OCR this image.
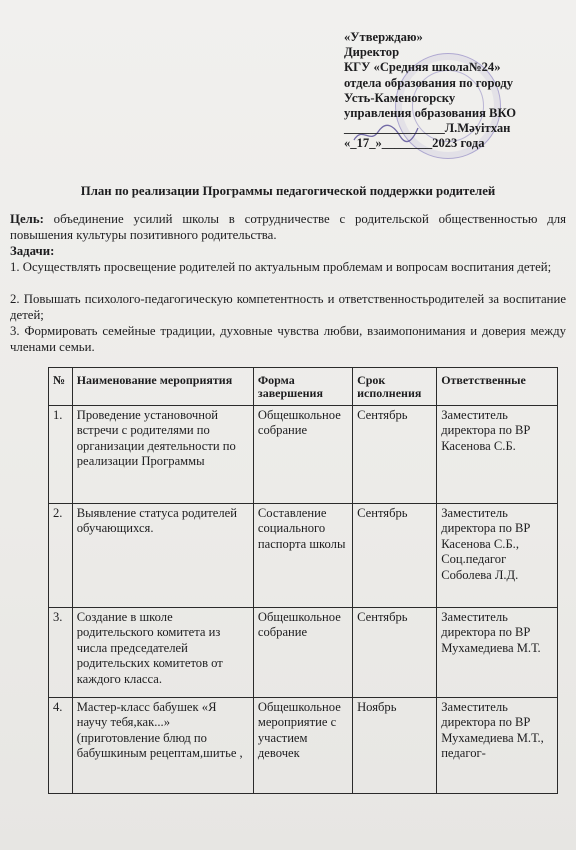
«Утверждаю»
Директор
КГУ «Средняя школа№24»
отдела образования по городу
Усть-Каменогорску
управления образования ВКО
________________Л.Мәуітхан
«_17_»________2023 года
План по реализации Программы педагогической поддержки родителей
Цель: объединение усилий школы в сотрудничестве с родительской общественностью для повышения культуры позитивного родительства.
Задачи:
1. Осуществлять просвещение родителей по актуальным проблемам и вопросам воспитания детей;
2. Повышать психолого-педагогическую компетентность и ответственностьродителей за воспитание детей;
3. Формировать семейные традиции, духовные чувства любви, взаимопонимания и доверия между членами семьи.
№	Наименование мероприятия	Форма завершения	Срок исполнения	Ответственные
1.	Проведение установочной встречи с родителями по организации деятельности по реализации Программы	Общешкольное собрание	Сентябрь	Заместитель директора по ВР Касенова С.Б.
2.	Выявление статуса родителей обучающихся.	Составление социального паспорта школы	Сентябрь	Заместитель директора по ВР Касенова С.Б., Соц.педагог Соболева Л.Д.
3.	Создание в школе родительского комитета из числа председателей родительских комитетов от каждого класса.	Общешкольное собрание	Сентябрь	Заместитель директора по ВР Мухамедиева М.Т.
4.	Мастер-класс бабушек «Я научу тебя,как...» (приготовление блюд по бабушкиным рецептам,шитье ,	Общешкольное мероприятие с участием девочек	Ноябрь	Заместитель директора по ВР Мухамедиева М.Т., педагог-
